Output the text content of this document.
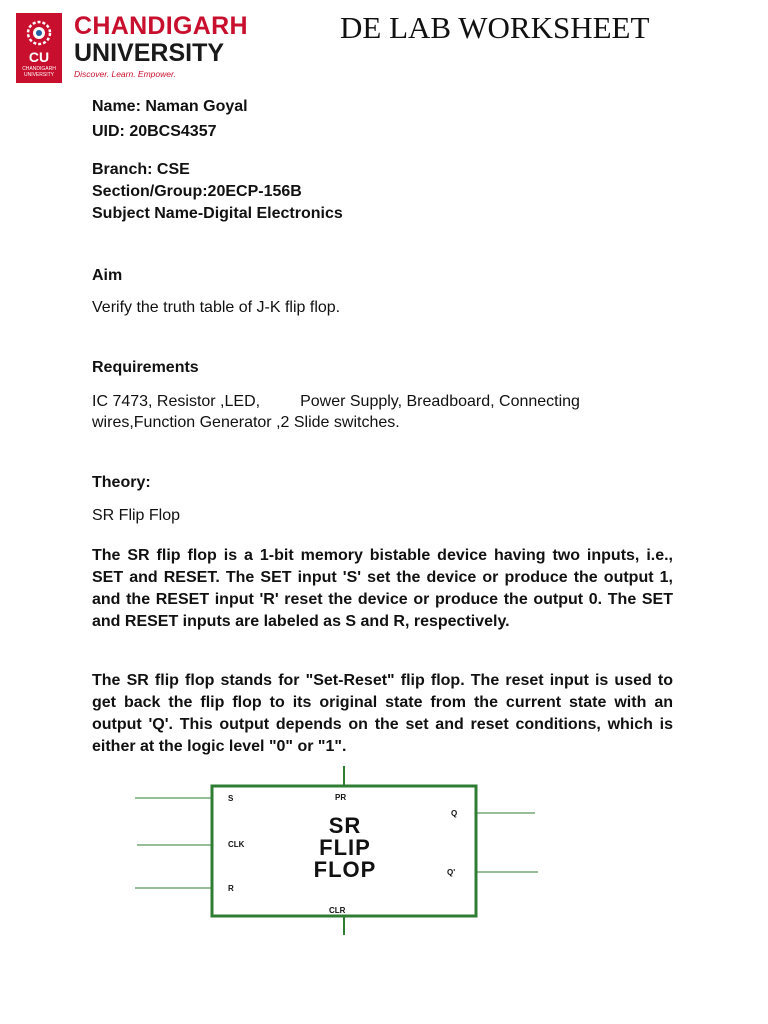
CU
CHANDIGARH UNIVERSITY
CHANDIGARH
UNIVERSITY
Discover. Learn. Empower.
DE LAB WORKSHEET
Name: Naman Goyal
UID: 20BCS4357
Branch: CSE
Section/Group:20ECP-156B
Subject Name-Digital Electronics
Aim
Verify the truth table of J-K flip flop.
Requirements
IC 7473, Resistor ,LED,         Power Supply, Breadboard, Connecting
wires,Function Generator ,2 Slide switches.
Theory:
SR Flip Flop
The SR flip flop is a 1-bit memory bistable device having two inputs, i.e., SET and RESET. The SET input 'S' set the device or produce the output 1, and the RESET input 'R' reset the device or produce the output 0. The SET and RESET inputs are labeled as S and R, respectively.
The SR flip flop stands for "Set-Reset" flip flop. The reset input is used to get back the flip flop to its original state from the current state with an output 'Q'. This output depends on the set and reset conditions, which is either at the logic level "0" or "1".
S
CLK
R
PR
CLR
Q
Q'
SR
FLIP
FLOP
